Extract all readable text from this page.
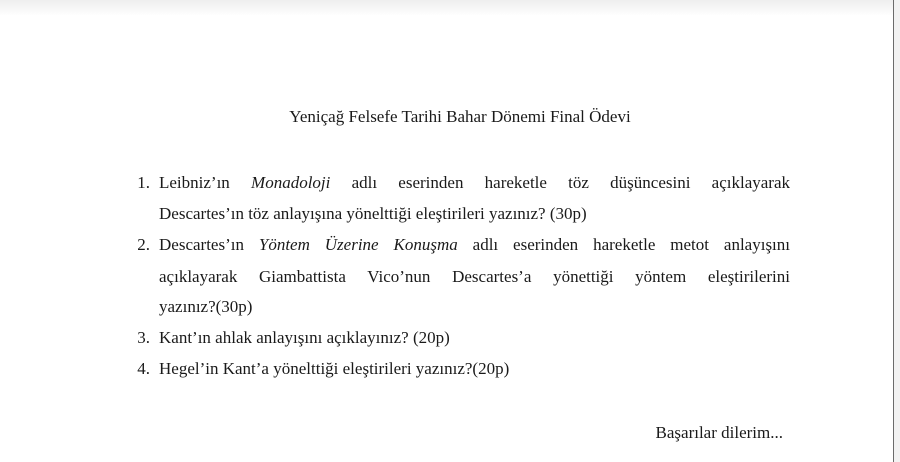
Yeniçağ Felsefe Tarihi Bahar Dönemi Final Ödevi
1. Leibniz’ın Monadoloji adlı eserinden hareketle töz düşüncesini açıklayarak
Descartes’ın töz anlayışına yönelttiği eleştirileri yazınız? (30p)
2. Descartes’ın Yöntem Üzerine Konuşma adlı eserinden hareketle metot anlayışını
açıklayarak Giambattista Vico’nun Descartes’a yönettiği yöntem eleştirilerini
yazınız?(30p)
3. Kant’ın ahlak anlayışını açıklayınız? (20p)
4. Hegel’in Kant’a yönelttiği eleştirileri yazınız?(20p)
Başarılar dilerim...
